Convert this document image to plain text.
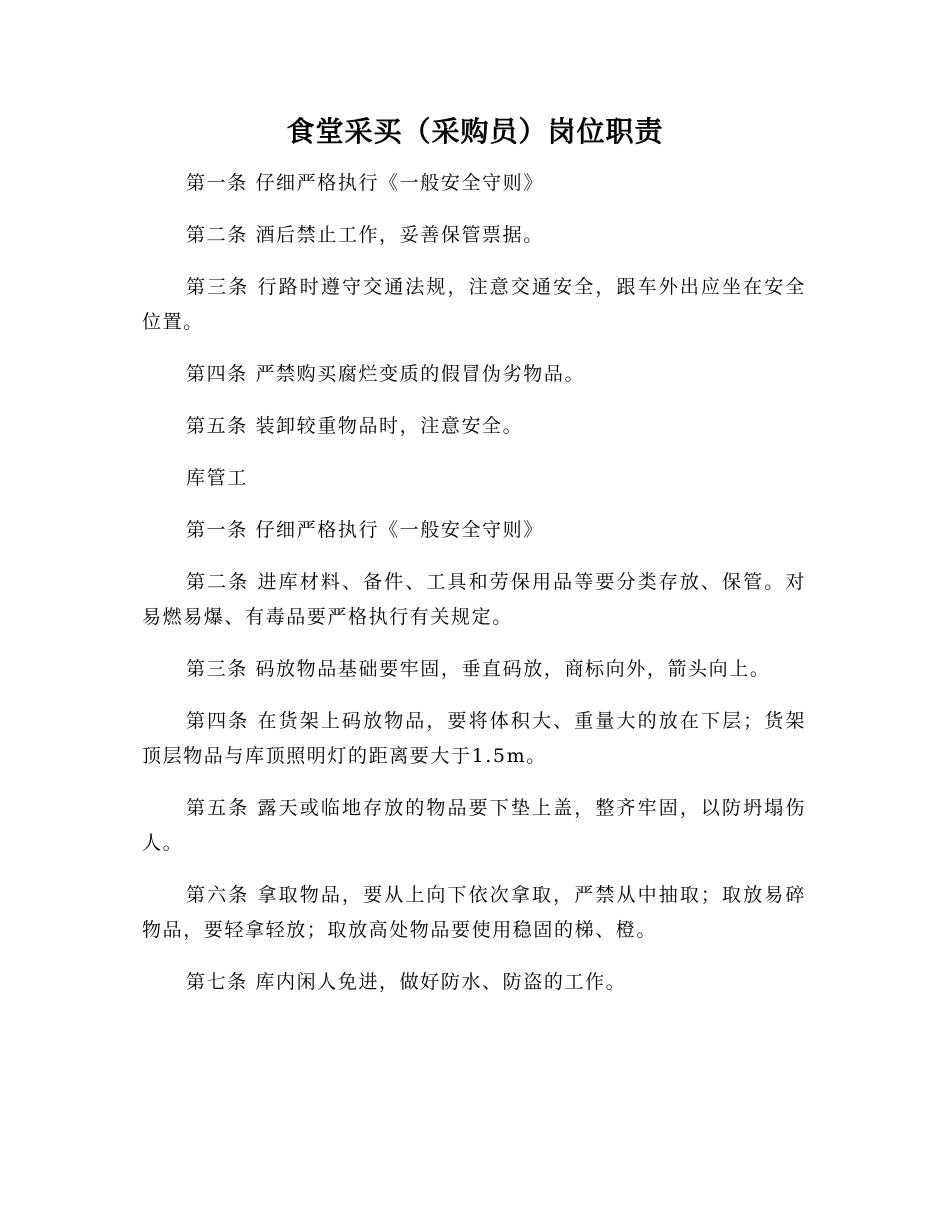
食堂采买（采购员）岗位职责

第一条 仔细严格执行《一般安全守则》

第二条 酒后禁止工作，妥善保管票据。

第三条 行路时遵守交通法规，注意交通安全，跟车外出应坐在安全位置。

第四条 严禁购买腐烂变质的假冒伪劣物品。

第五条 装卸较重物品时，注意安全。

库管工

第一条 仔细严格执行《一般安全守则》

第二条 进库材料、备件、工具和劳保用品等要分类存放、保管。对易燃易爆、有毒品要严格执行有关规定。

第三条 码放物品基础要牢固，垂直码放，商标向外，箭头向上。

第四条 在货架上码放物品，要将体积大、重量大的放在下层；货架顶层物品与库顶照明灯的距离要大于1.5m。

第五条 露天或临地存放的物品要下垫上盖，整齐牢固，以防坍塌伤人。

第六条 拿取物品，要从上向下依次拿取，严禁从中抽取；取放易碎物品，要轻拿轻放；取放高处物品要使用稳固的梯、橙。

第七条 库内闲人免进，做好防水、防盗的工作。
